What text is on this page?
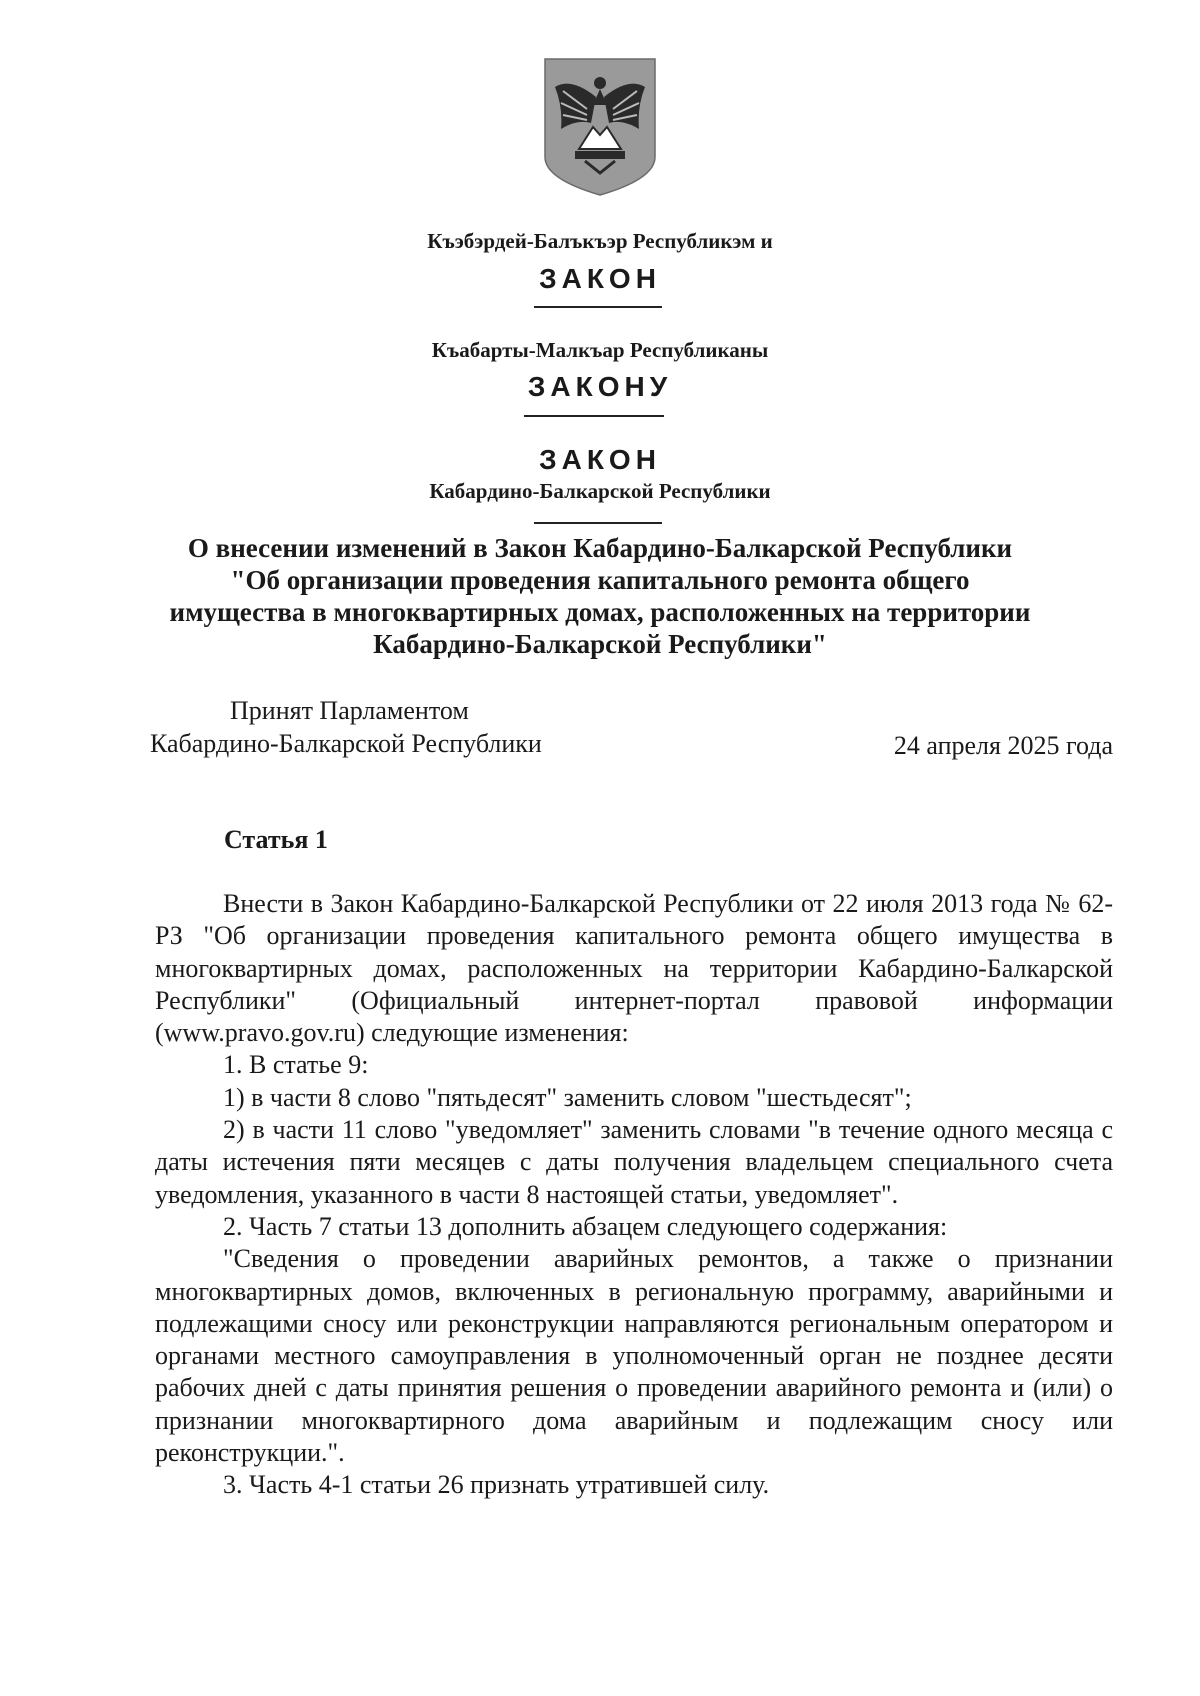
Къэбэрдей-Балъкъэр Республикэм и
ЗАКОН
Къабарты-Малкъар Республиканы
ЗАКОНУ
ЗАКОН
Кабардино-Балкарской Республики
О внесении изменений в Закон Кабардино-Балкарской Республики
"Об организации проведения капитального ремонта общего
имущества в многоквартирных домах, расположенных на территории
Кабардино-Балкарской Республики"
Принят Парламентом
Кабардино-Балкарской Республики	24 апреля 2025 года
Статья 1

Внести в Закон Кабардино-Балкарской Республики от 22 июля 2013 года № 62-РЗ "Об организации проведения капитального ремонта общего имущества в многоквартирных домах, расположенных на территории Кабардино-Балкарской Республики" (Официальный интернет-портал правовой информации (www.pravo.gov.ru) следующие изменения:

1. В статье 9:

1) в части 8 слово "пятьдесят" заменить словом "шестьдесят";

2) в части 11 слово "уведомляет" заменить словами "в течение одного месяца с даты истечения пяти месяцев с даты получения владельцем специального счета уведомления, указанного в части 8 настоящей статьи, уведомляет".

2. Часть 7 статьи 13 дополнить абзацем следующего содержания:

"Сведения о проведении аварийных ремонтов, а также о признании многоквартирных домов, включенных в региональную программу, аварийными и подлежащими сносу или реконструкции направляются региональным оператором и органами местного самоуправления в уполномоченный орган не позднее десяти рабочих дней с даты принятия решения о проведении аварийного ремонта и (или) о признании многоквартирного дома аварийным и подлежащим сносу или реконструкции.".

3. Часть 4-1 статьи 26 признать утратившей силу.
